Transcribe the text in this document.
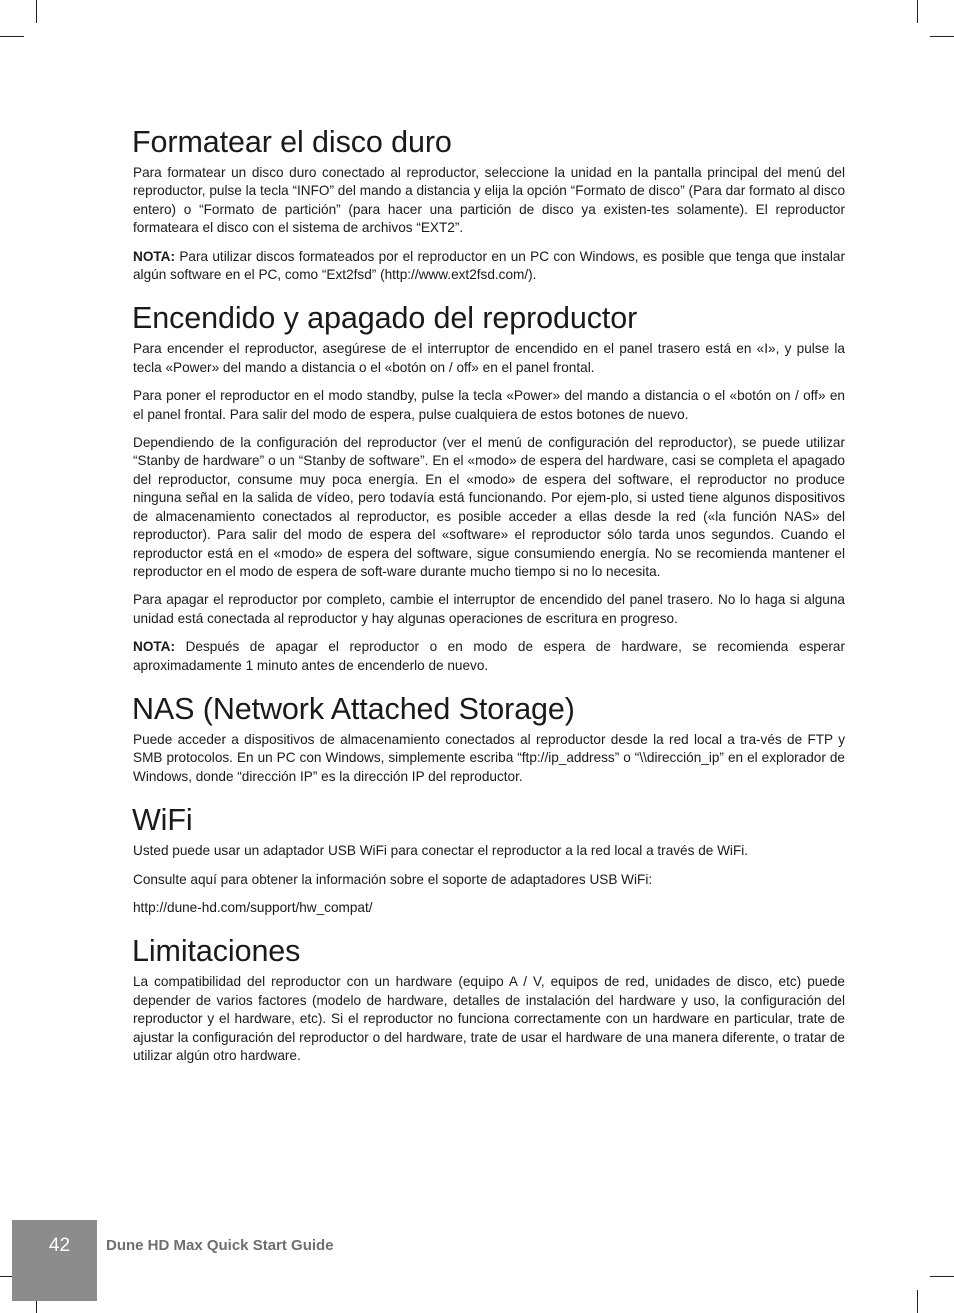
Formatear el disco duro

Para formatear un disco duro conectado al reproductor, seleccione la unidad en la pantalla principal del menú del reproductor, pulse la tecla “INFO” del mando a distancia y elija la opción “Formato de disco” (Para dar formato al disco entero) o “Formato de partición” (para hacer una partición de disco ya existen-tes solamente). El reproductor formateara el disco con el sistema de archivos “EXT2”.

NOTA: Para utilizar discos formateados por el reproductor en un PC con Windows, es posible que tenga que instalar algún software en el PC, como “Ext2fsd” (http://www.ext2fsd.com/).

Encendido y apagado del reproductor

Para encender el reproductor, asegúrese de el interruptor de encendido en el panel trasero está en «I», y pulse la tecla «Power» del mando a distancia o el «botón on / off» en el panel frontal.

Para poner el reproductor en el modo standby, pulse la tecla «Power» del mando a distancia o el «botón on / off» en el panel frontal. Para salir del modo de espera, pulse cualquiera de estos botones de nuevo.

Dependiendo de la configuración del reproductor (ver el menú de configuración del reproductor), se puede utilizar “Stanby de hardware” o un “Stanby de software”. En el «modo» de espera del hardware, casi se completa el apagado del reproductor, consume muy poca energía. En el «modo» de espera del software, el reproductor no produce ninguna señal en la salida de vídeo, pero todavía está funcionando. Por ejem-plo, si usted tiene algunos dispositivos de almacenamiento conectados al reproductor, es posible acceder a ellas desde la red («la función NAS» del reproductor). Para salir del modo de espera del «software» el reproductor sólo tarda unos segundos. Cuando el reproductor está en el «modo» de espera del software, sigue consumiendo energía. No se recomienda mantener el reproductor en el modo de espera de soft-ware durante mucho tiempo si no lo necesita.

Para apagar el reproductor por completo, cambie el interruptor de encendido del panel trasero. No lo haga si alguna unidad está conectada al reproductor y hay algunas operaciones de escritura en progreso.

NOTA: Después de apagar el reproductor o en modo de espera de hardware, se recomienda esperar aproximadamente 1 minuto antes de encenderlo de nuevo.

NAS (Network Attached Storage)

Puede acceder a dispositivos de almacenamiento conectados al reproductor desde la red local a tra-vés de FTP y SMB protocolos. En un PC con Windows, simplemente escriba “ftp://ip_address” o “\\dirección_ip” en el explorador de Windows, donde “dirección IP” es la dirección IP del reproductor.

WiFi

Usted puede usar un adaptador USB WiFi para conectar el reproductor a la red local a través de WiFi.

Consulte aquí para obtener la información sobre el soporte de adaptadores USB WiFi:

http://dune-hd.com/support/hw_compat/

Limitaciones

La compatibilidad del reproductor con un hardware (equipo A / V, equipos de red, unidades de disco, etc) puede depender de varios factores (modelo de hardware, detalles de instalación del hardware y uso, la configuración del reproductor y el hardware, etc). Si el reproductor no funciona correctamente con un hardware en particular, trate de ajustar la configuración del reproductor o del hardware, trate de usar el hardware de una manera diferente, o tratar de utilizar algún otro hardware.

42	Dune HD Max Quick Start Guide
